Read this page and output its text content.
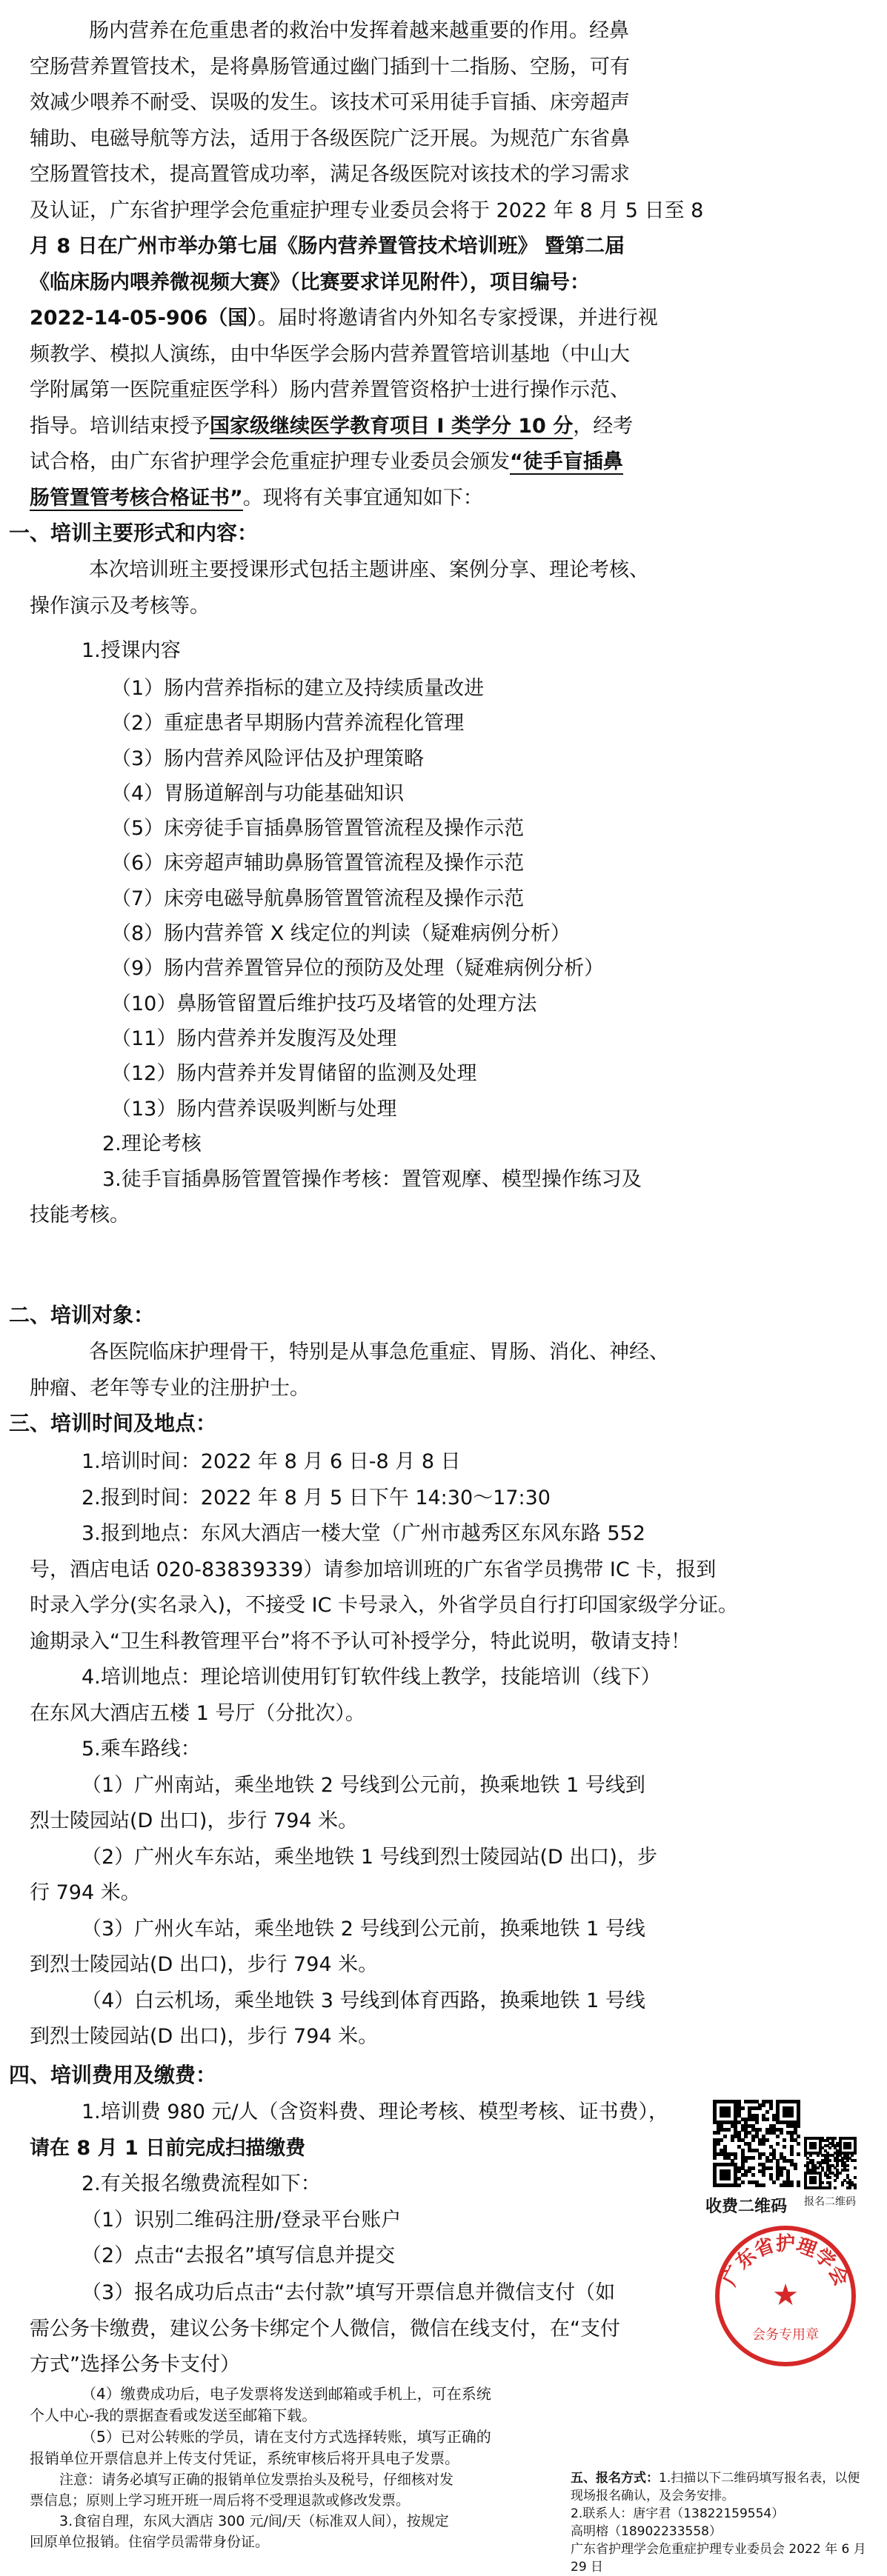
肠内营养在危重患者的救治中发挥着越来越重要的作用。经鼻
空肠营养置管技术，是将鼻肠管通过幽门插到十二指肠、空肠，可有
效减少喂养不耐受、误吸的发生。该技术可采用徒手盲插、床旁超声
辅助、电磁导航等方法，适用于各级医院广泛开展。为规范广东省鼻
空肠置管技术，提高置管成功率，满足各级医院对该技术的学习需求
及认证，广东省护理学会危重症护理专业委员会将于 2022 年 8 月 5 日至 8
月 8 日在广州市举办第七届《肠内营养置管技术培训班》 暨第二届
《临床肠内喂养微视频大赛》（比赛要求详见附件），项目编号：
2022-14-05-906（国）。届时将邀请省内外知名专家授课，并进行视
频教学、模拟人演练，由中华医学会肠内营养置管培训基地（中山大
学附属第一医院重症医学科）肠内营养置管资格护士进行操作示范、
指导。培训结束授予国家级继续医学教育项目 I 类学分 10 分，经考
试合格，由广东省护理学会危重症护理专业委员会颁发“徒手盲插鼻
肠管置管考核合格证书”。现将有关事宜通知如下：
一、培训主要形式和内容：
本次培训班主要授课形式包括主题讲座、案例分享、理论考核、
操作演示及考核等。
1.授课内容
（1）肠内营养指标的建立及持续质量改进
（2）重症患者早期肠内营养流程化管理
（3）肠内营养风险评估及护理策略
（4）胃肠道解剖与功能基础知识
（5）床旁徒手盲插鼻肠管置管流程及操作示范
（6）床旁超声辅助鼻肠管置管流程及操作示范
（7）床旁电磁导航鼻肠管置管流程及操作示范
（8）肠内营养管 X 线定位的判读（疑难病例分析）
（9）肠内营养置管异位的预防及处理（疑难病例分析）
（10）鼻肠管留置后维护技巧及堵管的处理方法
（11）肠内营养并发腹泻及处理
（12）肠内营养并发胃储留的监测及处理
（13）肠内营养误吸判断与处理
2.理论考核
3.徒手盲插鼻肠管置管操作考核：置管观摩、模型操作练习及
技能考核。
二、培训对象：
各医院临床护理骨干，特别是从事急危重症、胃肠、消化、神经、
肿瘤、老年等专业的注册护士。
三、培训时间及地点：
1.培训时间：2022 年 8 月 6 日-8 月 8 日
2.报到时间：2022 年 8 月 5 日下午 14:30～17:30
3.报到地点：东风大酒店一楼大堂（广州市越秀区东风东路 552
号，酒店电话 020-83839339）请参加培训班的广东省学员携带 IC 卡，报到
时录入学分(实名录入)，不接受 IC 卡号录入，外省学员自行打印国家级学分证。
逾期录入“卫生科教管理平台”将不予认可补授学分，特此说明，敬请支持！
4.培训地点：理论培训使用钉钉软件线上教学，技能培训（线下）
在东风大酒店五楼 1 号厅（分批次）。
5.乘车路线：
（1）广州南站，乘坐地铁 2 号线到公元前，换乘地铁 1 号线到
烈士陵园站(D 出口)，步行 794 米。
（2）广州火车东站，乘坐地铁 1 号线到烈士陵园站(D 出口)，步
行 794 米。
（3）广州火车站，乘坐地铁 2 号线到公元前，换乘地铁 1 号线
到烈士陵园站(D 出口)，步行 794 米。
（4）白云机场，乘坐地铁 3 号线到体育西路，换乘地铁 1 号线
到烈士陵园站(D 出口)，步行 794 米。
四、培训费用及缴费：
1.培训费 980 元/人（含资料费、理论考核、模型考核、证书费），
请在 8 月 1 日前完成扫描缴费
2.有关报名缴费流程如下：
（1）识别二维码注册/登录平台账户
（2）点击“去报名”填写信息并提交
收费二维码
（3）报名成功后点击“去付款”填写开票信息并微信支付（如
需公务卡缴费，建议公务卡绑定个人微信，微信在线支付，在“支付
方式”选择公务卡支付）
（4）缴费成功后，电子发票将发送到邮箱或手机上，可在系统
个人中心-我的票据查看或发送至邮箱下载。
（5）已对公转账的学员，请在支付方式选择转账，填写正确的
报销单位开票信息并上传支付凭证，系统审核后将开具电子发票。
注意：请务必填写正确的报销单位发票抬头及税号，仔细核对发
票信息；原则上学习班开班一周后将不受理退款或修改发票。
3.食宿自理，东风大酒店 300 元/间/天（标准双人间），按规定
回原单位报销。住宿学员需带身份证。
五、报名方式：1.扫描以下二维码填写报名表，以便现场报名确认，及会务安排。
2.联系人：唐宇君（13822159554）
高明榕（18902233558）
广东省护理学会危重症护理专业委员会 2022 年 6 月 29 日
报名二维码
广东省护理学会
★
会务专用章
